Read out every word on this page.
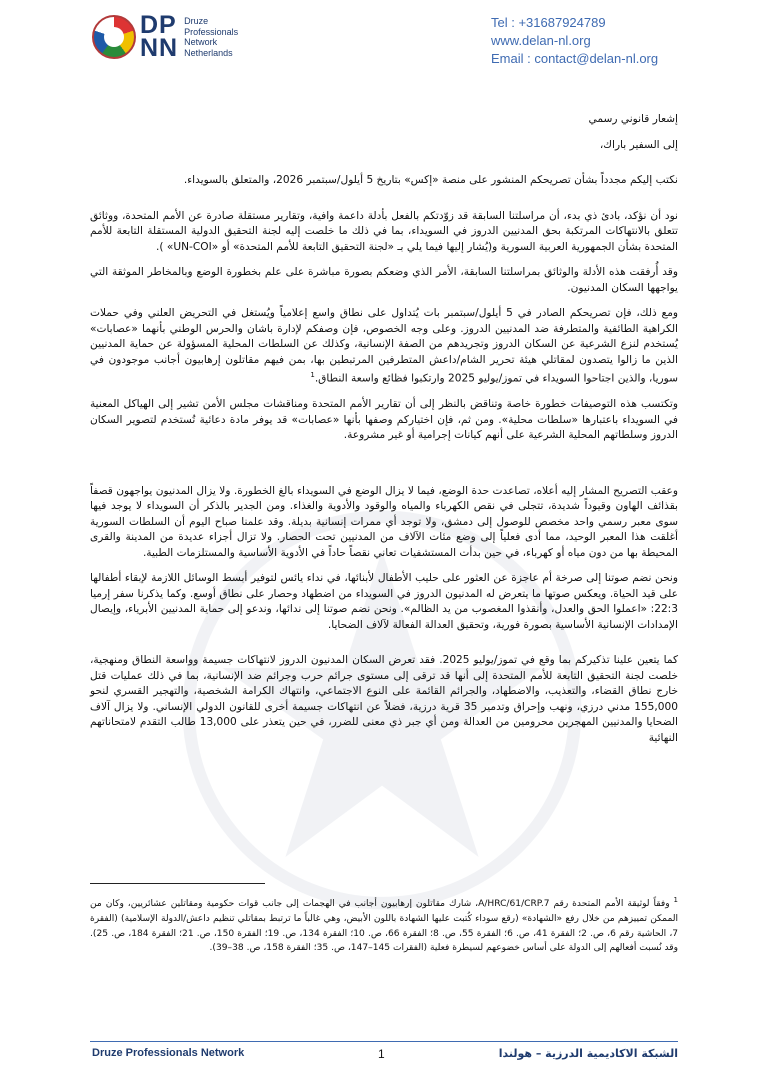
DP
NN
Druze
Professionals
Network
Netherlands
Tel : +31687924789
www.delan-nl.org
Email : contact@delan-nl.org

إشعار قانوني رسمي

إلى السفير باراك،

نكتب إليكم مجدداً بشأن تصريحكم المنشور على منصة «إكس» بتاريخ 5 أيلول/سبتمبر 2026، والمتعلق بالسويداء.

نود أن نؤكد، بادئ ذي بدء، أن مراسلتنا السابقة قد زوّدتكم بالفعل بأدلة داعمة وافية، وتقارير مستقلة صادرة عن الأمم المتحدة، ووثائق تتعلق بالانتهاكات المرتكبة بحق المدنيين الدروز في السويداء، بما في ذلك ما خلصت إليه لجنة التحقيق الدولية المستقلة التابعة للأمم المتحدة بشأن الجمهورية العربية السورية و(يُشار إليها فيما يلي بـ «لجنة التحقيق التابعة للأمم المتحدة» أو «UN-COI» ).

وقد أُرفقت هذه الأدلة والوثائق بمراسلتنا السابقة، الأمر الذي وضعكم بصورة مباشرة على علم بخطورة الوضع وبالمخاطر الموثقة التي يواجهها السكان المدنيون.

ومع ذلك، فإن تصريحكم الصادر في 5 أيلول/سبتمبر بات يُتداول على نطاق واسع إعلامياً ويُستغل في التحريض العلني وفي حملات الكراهية الطائفية والمتطرفة ضد المدنيين الدروز. وعلى وجه الخصوص، فإن وصفكم لإدارة باشان والحرس الوطني بأنهما «عصابات» يُستخدم لنزع الشرعية عن السكان الدروز وتجريدهم من الصفة الإنسانية، وكذلك عن السلطات المحلية المسؤولة عن حماية المدنيين الذين ما زالوا يتصدون لمقاتلي هيئة تحرير الشام/داعش المتطرفين المرتبطين بها، بمن فيهم مقاتلون إرهابيون أجانب موجودون في سوريا، والذين اجتاحوا السويداء في تموز/يوليو 2025 وارتكبوا فظائع واسعة النطاق.$^1$

وتكتسب هذه التوصيفات خطورة خاصة وتناقض بالنظر إلى أن تقارير الأمم المتحدة ومناقشات مجلس الأمن تشير إلى الهياكل المعنية في السويداء باعتبارها «سلطات محلية». ومن ثم، فإن اختياركم وصفها بأنها «عصابات» قد يوفر مادة دعائية تُستخدم لتصوير السكان الدروز وسلطاتهم المحلية الشرعية على أنهم كيانات إجرامية أو غير مشروعة.

وعقب التصريح المشار إليه أعلاه، تصاعدت حدة الوضع، فيما لا يزال الوضع في السويداء بالغ الخطورة. ولا يزال المدنيون يواجهون قصفاً بقذائف الهاون وقيوداً شديدة، تتجلى في نقص الكهرباء والمياه والوقود والأدوية والغذاء. ومن الجدير بالذكر أن السويداء لا يوجد فيها سوى معبر رسمي واحد مخصص للوصول إلى دمشق، ولا توجد أي ممرات إنسانية بديلة. وقد علمنا صباح اليوم أن السلطات السورية أغلقت هذا المعبر الوحيد، مما أدى فعلياً إلى وضع مئات الآلاف من المدنيين تحت الحصار. ولا تزال أجزاء عديدة من المدينة والقرى المحيطة بها من دون مياه أو كهرباء، في حين بدأت المستشفيات تعاني نقصاً حاداً في الأدوية الأساسية والمستلزمات الطبية.

ونحن نضم صوتنا إلى صرخة أم عاجزة عن العثور على حليب الأطفال لأبنائها، في نداء يائس لتوفير أبسط الوسائل اللازمة لإبقاء أطفالها على قيد الحياة. ويعكس صوتها ما يتعرض له المدنيون الدروز في السويداء من اضطهاد وحصار على نطاق أوسع. وكما يذكرنا سفر إرميا 22:3: «اعملوا الحق والعدل، وأنقذوا المغصوب من يد الظالم». ونحن نضم صوتنا إلى ندائها، وندعو إلى حماية المدنيين الأبرياء، وإيصال الإمدادات الإنسانية الأساسية بصورة فورية، وتحقيق العدالة الفعالة لآلاف الضحايا.

كما يتعين علينا تذكيركم بما وقع في تموز/يوليو 2025. فقد تعرض السكان المدنيون الدروز لانتهاكات جسيمة وواسعة النطاق ومنهجية، خلصت لجنة التحقيق التابعة للأمم المتحدة إلى أنها قد ترقى إلى مستوى جرائم حرب وجرائم ضد الإنسانية، بما في ذلك عمليات قتل خارج نطاق القضاء، والتعذيب، والاضطهاد، والجرائم القائمة على النوع الاجتماعي، وانتهاك الكرامة الشخصية، والتهجير القسري لنحو 155,000 مدني درزي، ونهب وإحراق وتدمير 35 قرية درزية، فضلاً عن انتهاكات جسيمة أخرى للقانون الدولي الإنساني. ولا يزال آلاف الضحايا والمدنيين المهجرين محرومين من العدالة ومن أي جبر ذي معنى للضرر، في حين يتعذر على 13,000 طالب التقدم لامتحاناتهم النهائية

$^1$ وفقاً لوثيقة الأمم المتحدة رقم A/HRC/61/CRP.7، شارك مقاتلون إرهابيون أجانب في الهجمات إلى جانب قوات حكومية ومقاتلين عشائريين، وكان من الممكن تمييزهم من خلال رفع «الشهادة» (رقع سوداء كُتبت عليها الشهادة باللون الأبيض، وهي غالباً ما ترتبط بمقاتلي تنظيم داعش/الدولة الإسلامية) (الفقرة 7، الحاشية رقم 6، ص. 2؛ الفقرة 41، ص. 6؛ الفقرة 55، ص. 8؛ الفقرة 66، ص. 10؛ الفقرة 134، ص. 19؛ الفقرة 150، ص. 21؛ الفقرة 184، ص. 25). وقد نُسبت أفعالهم إلى الدولة على أساس خضوعهم لسيطرة فعلية (الفقرات 145–147، ص. 35؛ الفقرة 158، ص. 38–39).
Druze Professionals Network	1	الشبكة الاكاديمية الدرزية – هولندا
